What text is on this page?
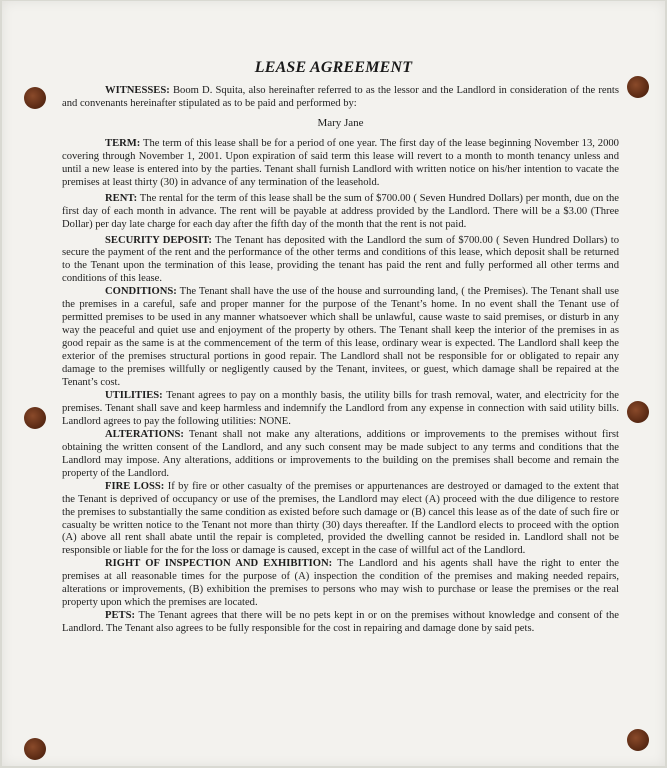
LEASE AGREEMENT

WITNESSES: Boom D. Squita, also hereinafter referred to as the lessor and the Landlord in consideration of the rents and convenants hereinafter stipulated as to be paid and performed by:

Mary Jane

TERM: The term of this lease shall be for a period of one year. The first day of the lease beginning November 13, 2000 covering through November 1, 2001. Upon expiration of said term this lease will revert to a month to month tenancy unless and until a new lease is entered into by the parties. Tenant shall furnish Landlord with written notice on his/her intention to vacate the premises at least thirty (30) in advance of any termination of the leasehold.

RENT: The rental for the term of this lease shall be the sum of $700.00 ( Seven Hundred Dollars) per month, due on the first day of each month in advance. The rent will be payable at address provided by the Landlord. There will be a $3.00 (Three Dollar) per day late charge for each day after the fifth day of the month that the rent is not paid.

SECURITY DEPOSIT: The Tenant has deposited with the Landlord the sum of $700.00 ( Seven Hundred Dollars) to secure the payment of the rent and the performance of the other terms and conditions of this lease, which deposit shall be returned to the Tenant upon the termination of this lease, providing the tenant has paid the rent and fully performed all other terms and conditions of this lease.

CONDITIONS: The Tenant shall have the use of the house and surrounding land, ( the Premises). The Tenant shall use the premises in a careful, safe and proper manner for the purpose of the Tenant’s home. In no event shall the Tenant use of permitted premises to be used in any manner whatsoever which shall be unlawful, cause waste to said premises, or disturb in any way the peaceful and quiet use and enjoyment of the property by others. The Tenant shall keep the interior of the premises in as good repair as the same is at the commencement of the term of this lease, ordinary wear is expected. The Landlord shall keep the exterior of the premises structural portions in good repair. The Landlord shall not be responsible for or obligated to repair any damage to the premises willfully or negligently caused by the Tenant, invitees, or guest, which damage shall be repaired at the Tenant’s cost.

UTILITIES: Tenant agrees to pay on a monthly basis, the utility bills for trash removal, water, and electricity for the premises. Tenant shall save and keep harmless and indemnify the Landlord from any expense in connection with said utility bills. Landlord agrees to pay the following utilities: NONE.

ALTERATIONS: Tenant shall not make any alterations, additions or improvements to the premises without first obtaining the written consent of the Landlord, and any such consent may be made subject to any terms and conditions that the Landlord may impose. Any alterations, additions or improvements to the building on the premises shall become and remain the property of the Landlord.

FIRE LOSS: If by fire or other casualty of the premises or appurtenances are destroyed or damaged to the extent that the Tenant is deprived of occupancy or use of the premises, the Landlord may elect (A) proceed with the due diligence to restore the premises to substantially the same condition as existed before such damage or (B) cancel this lease as of the date of such fire or casualty be written notice to the Tenant not more than thirty (30) days thereafter. If the Landlord elects to proceed with the option (A) above all rent shall abate until the repair is completed, provided the dwelling cannot be resided in. Landlord shall not be responsible or liable for the for the loss or damage is caused, except in the case of willful act of the Landlord.

RIGHT OF INSPECTION AND EXHIBITION: The Landlord and his agents shall have the right to enter the premises at all reasonable times for the purpose of (A) inspection the condition of the premises and making needed repairs, alterations or improvements, (B) exhibition the premises to persons who may wish to purchase or lease the premises or the real property upon which the premises are located.

PETS: The Tenant agrees that there will be no pets kept in or on the premises without knowledge and consent of the Landlord. The Tenant also agrees to be fully responsible for the cost in repairing and damage done by said pets.
